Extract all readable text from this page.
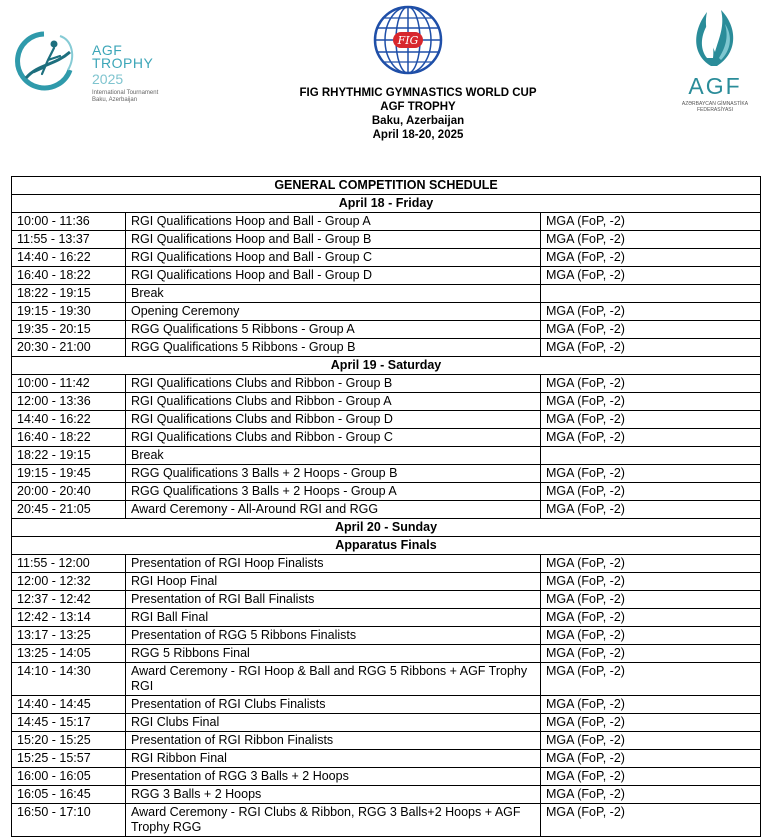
AGF
TROPHY
2025
International Tournament
Baku, Azerbaijan
FIG
AGF
AZƏRBAYCAN GİMNASTİKA
FEDERASİYASI
FIG RHYTHMIC GYMNASTICS WORLD CUP
AGF TROPHY
Baku, Azerbaijan
April 18-20, 2025
GENERAL COMPETITION SCHEDULE		
April 18 - Friday		
10:00 - 11:36	RGI Qualifications Hoop and Ball - Group A	MGA (FoP, -2)
11:55 - 13:37	RGI Qualifications Hoop and Ball - Group B	MGA (FoP, -2)
14:40 - 16:22	RGI Qualifications Hoop and Ball - Group C	MGA (FoP, -2)
16:40 - 18:22	RGI Qualifications Hoop and Ball - Group D	MGA (FoP, -2)
18:22 - 19:15	Break	
19:15 - 19:30	Opening Ceremony	MGA (FoP, -2)
19:35 - 20:15	RGG Qualifications 5 Ribbons - Group A	MGA (FoP, -2)
20:30 - 21:00	RGG Qualifications 5 Ribbons - Group B	MGA (FoP, -2)
April 19 - Saturday		
10:00 - 11:42	RGI Qualifications Clubs and Ribbon - Group B	MGA (FoP, -2)
12:00 - 13:36	RGI Qualifications Clubs and Ribbon - Group A	MGA (FoP, -2)
14:40 - 16:22	RGI Qualifications Clubs and Ribbon - Group D	MGA (FoP, -2)
16:40 - 18:22	RGI Qualifications Clubs and Ribbon - Group C	MGA (FoP, -2)
18:22 - 19:15	Break	
19:15 - 19:45	RGG Qualifications 3 Balls + 2 Hoops - Group B	MGA (FoP, -2)
20:00 - 20:40	RGG Qualifications 3 Balls + 2 Hoops - Group A	MGA (FoP, -2)
20:45 - 21:05	Award Ceremony - All-Around RGI and RGG	MGA (FoP, -2)
April 20 - Sunday		
Apparatus Finals		
11:55 - 12:00	Presentation of RGI Hoop Finalists	MGA (FoP, -2)
12:00 - 12:32	RGI Hoop Final	MGA (FoP, -2)
12:37 - 12:42	Presentation of RGI Ball Finalists	MGA (FoP, -2)
12:42 - 13:14	RGI Ball Final	MGA (FoP, -2)
13:17 - 13:25	Presentation of RGG 5 Ribbons Finalists	MGA (FoP, -2)
13:25 - 14:05	RGG 5 Ribbons Final	MGA (FoP, -2)
14:10 - 14:30	Award Ceremony - RGI Hoop & Ball and RGG 5 Ribbons + AGF Trophy RGI	MGA (FoP, -2)
14:40 - 14:45	Presentation of RGI Clubs Finalists	MGA (FoP, -2)
14:45 - 15:17	RGI Clubs Final	MGA (FoP, -2)
15:20 - 15:25	Presentation of RGI Ribbon Finalists	MGA (FoP, -2)
15:25 - 15:57	RGI Ribbon Final	MGA (FoP, -2)
16:00 - 16:05	Presentation of RGG 3 Balls + 2 Hoops	MGA (FoP, -2)
16:05 - 16:45	RGG 3 Balls + 2 Hoops	MGA (FoP, -2)
16:50 - 17:10	Award Ceremony - RGI Clubs & Ribbon, RGG 3 Balls+2 Hoops + AGF Trophy RGG	MGA (FoP, -2)
